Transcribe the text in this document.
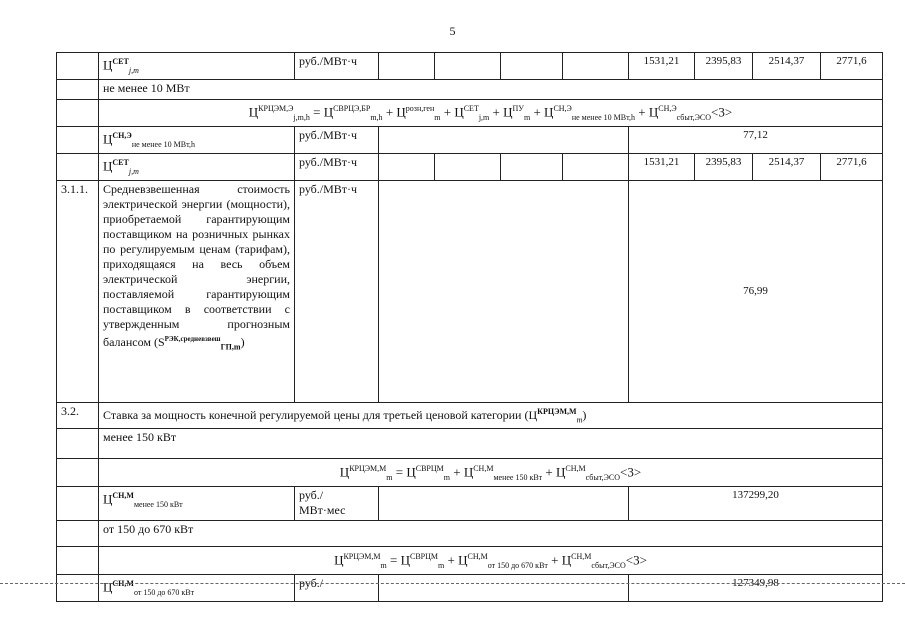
5
	$Ц^{СЕТ}_{j,m}$	руб./МВт·ч					1531,21	2395,83	2514,37	2771,6
	не менее 10 МВт								
	$Ц^{КРЦЭМ,Э}_{j,m,h} = Ц^{СВРЦЭ,БР}_{m,h} + Ц^{розн,ген}_m + Ц^{СЕТ}_{j,m} + Ц^{ПУ}_m + Ц^{СН,Э}_{не менее 10 МВт,h} + Ц^{СН,Э}_{сбыт,ЭСО}<3>$								
	$Ц^{СН,Э}_{не менее 10 МВт,h}$	руб./МВт·ч					77,12		
	$Ц^{СЕТ}_{j,m}$	руб./МВт·ч					1531,21	2395,83	2514,37	2771,6
3.1.1.	Средневзвешенная стоимость электрической энергии (мощности), приобретаемой гарантирующим поставщиком на розничных рынках по регулируемым ценам (тарифам), приходящаяся на весь объем электрической энергии, поставляемой гарантирующим поставщиком в соответствии с утвержденным прогнозным балансом $(S^{РЭК,средневзвеш}_{ГП,m})$	руб./МВт·ч					76,99		
3.2.	Ставка за мощность конечной регулируемой цены для третьей ценовой категории $(Ц^{КРЦЭМ,М}_m)$								
	менее 150 кВт								
	$Ц^{КРЦЭМ,М}_m = Ц^{СВРЦМ}_m + Ц^{СН,М}_{менее 150 кВт} + Ц^{СН,М}_{сбыт,ЭСО}<3>$								
	$Ц^{СН,М}_{менее 150 кВт}$	руб./
МВт·мес					137299,20		
	от 150 до 670 кВт								
	$Ц^{КРЦЭМ,М}_m = Ц^{СВРЦМ}_m + Ц^{СН,М}_{от 150 до 670 кВт} + Ц^{СН,М}_{сбыт,ЭСО}<3>$								
	$Ц^{СН,М}_{от 150 до 670 кВт}$	руб./					127349,98		
